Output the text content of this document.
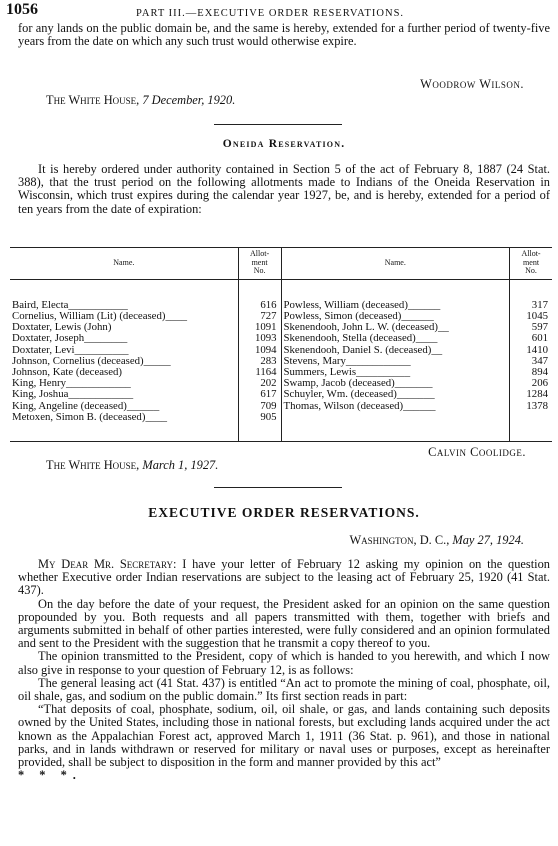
1056	PART III.—EXECUTIVE ORDER RESERVATIONS.

for any lands on the public domain be, and the same is hereby, extended for a further period of twenty-five years from the date on which any such trust would otherwise expire.

Woodrow Wilson.
The White House, 7 December, 1920.
Oneida Reservation.

It is hereby ordered under authority contained in Section 5 of the act of February 8, 1887 (24 Stat. 388), that the trust period on the following allotments made to Indians of the Oneida Reservation in Wisconsin, which trust expires during the calendar year 1927, be, and is hereby, extended for a period of ten years from the date of expiration:

Name.	Allot-
ment
No.	Name.	Allot-
ment
No.

Baird, Electa___________	616	Powless, William (deceased)______	317
Cornelius, William (Lit) (deceased)____	727	Powless, Simon (deceased)______	1045
Doxtater, Lewis (John)	1091	Skenendooh, John L. W. (deceased)__	597
Doxtater, Joseph________	1093	Skenendooh, Stella (deceased)____	601
Doxtater, Levi__________	1094	Skenendooh, Daniel S. (deceased)__	1410
Johnson, Cornelius (deceased)_____	283	Stevens, Mary____________	347
Johnson, Kate (deceased)	1164	Summers, Lewis__________	894
King, Henry____________	202	Swamp, Jacob (deceased)_______	206
King, Joshua____________	617	Schuyler, Wm. (deceased)_______	1284
King, Angeline (deceased)______	709	Thomas, Wilson (deceased)______	1378
Metoxen, Simon B. (deceased)____	905		

Calvin Coolidge.
The White House, March 1, 1927.
EXECUTIVE ORDER RESERVATIONS.
Washington, D. C., May 27, 1924.

My Dear Mr. Secretary: I have your letter of February 12 asking my opinion on the question whether Executive order Indian reservations are subject to the leasing act of February 25, 1920 (41 Stat. 437).

On the day before the date of your request, the President asked for an opinion on the same question propounded by you. Both requests and all papers transmitted with them, together with briefs and arguments submitted in behalf of other parties interested, were fully considered and an opinion formulated and sent to the President with the suggestion that he transmit a copy thereof to you.

The opinion transmitted to the President, copy of which is handed to you herewith, and which I now also give in response to your question of February 12, is as follows:

The general leasing act (41 Stat. 437) is entitled “An act to promote the mining of coal, phosphate, oil, oil shale, gas, and sodium on the public domain.” Its first section reads in part:

“That deposits of coal, phosphate, sodium, oil, oil shale, or gas, and lands containing such deposits owned by the United States, including those in national forests, but excluding lands acquired under the act known as the Appalachian Forest act, approved March 1, 1911 (36 Stat. p. 961), and those in national parks, and in lands withdrawn or reserved for military or naval uses or purposes, except as hereinafter provided, shall be subject to disposition in the form and manner provided by this act”

* * *.
